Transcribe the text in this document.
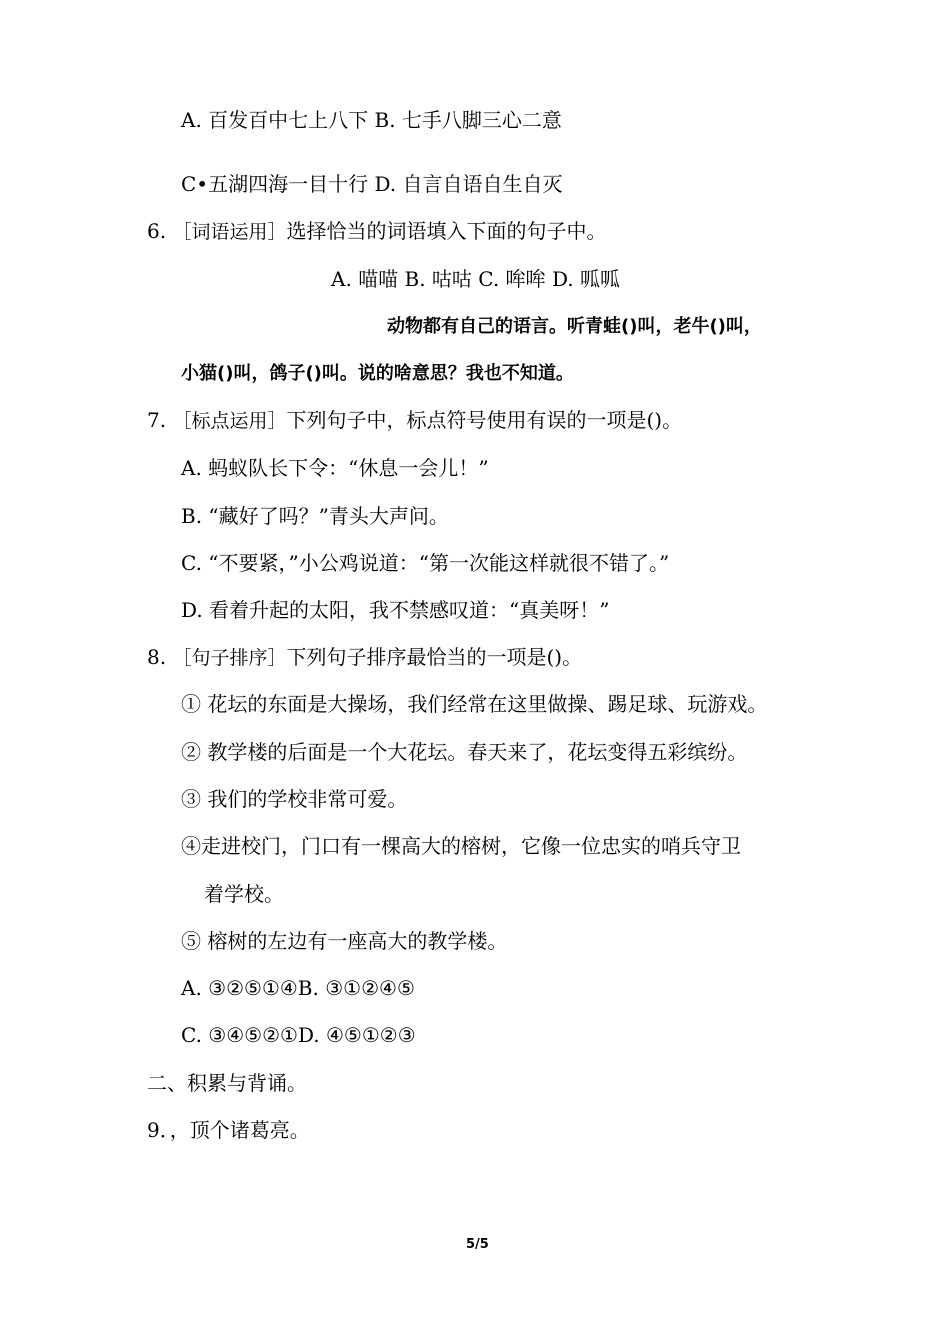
A. 百发百中七上八下 B. 七手八脚三心二意
C•五湖四海一目十行 D. 自言自语自生自灭
6. ［词语运用］选择恰当的词语填入下面的句子中。
A. 喵喵 B. 咕咕 C. 哞哞 D. 呱呱
动物都有自己的语言。听青蛙()叫，老牛()叫，
小猫()叫，鸽子()叫。说的啥意思？我也不知道。
7. ［标点运用］下列句子中，标点符号使用有误的一项是()。
A. 蚂蚁队长下令：“休息一会儿！”
B. “藏好了吗？”青头大声问。
C. “不要紧，”小公鸡说道：“第一次能这样就很不错了。”
D. 看着升起的太阳，我不禁感叹道：“真美呀！”
8. ［句子排序］下列句子排序最恰当的一项是()。
① 花坛的东面是大操场，我们经常在这里做操、踢足球、玩游戏。
② 教学楼的后面是一个大花坛。春天来了，花坛变得五彩缤纷。
③ 我们的学校非常可爱。
④走进校门，门口有一棵高大的榕树，它像一位忠实的哨兵守卫
着学校。
⑤ 榕树的左边有一座高大的教学楼。
A. ③②⑤①④B. ③①②④⑤
C. ③④⑤②①D. ④⑤①②③
二、积累与背诵。
9．，顶个诸葛亮。
5/5
